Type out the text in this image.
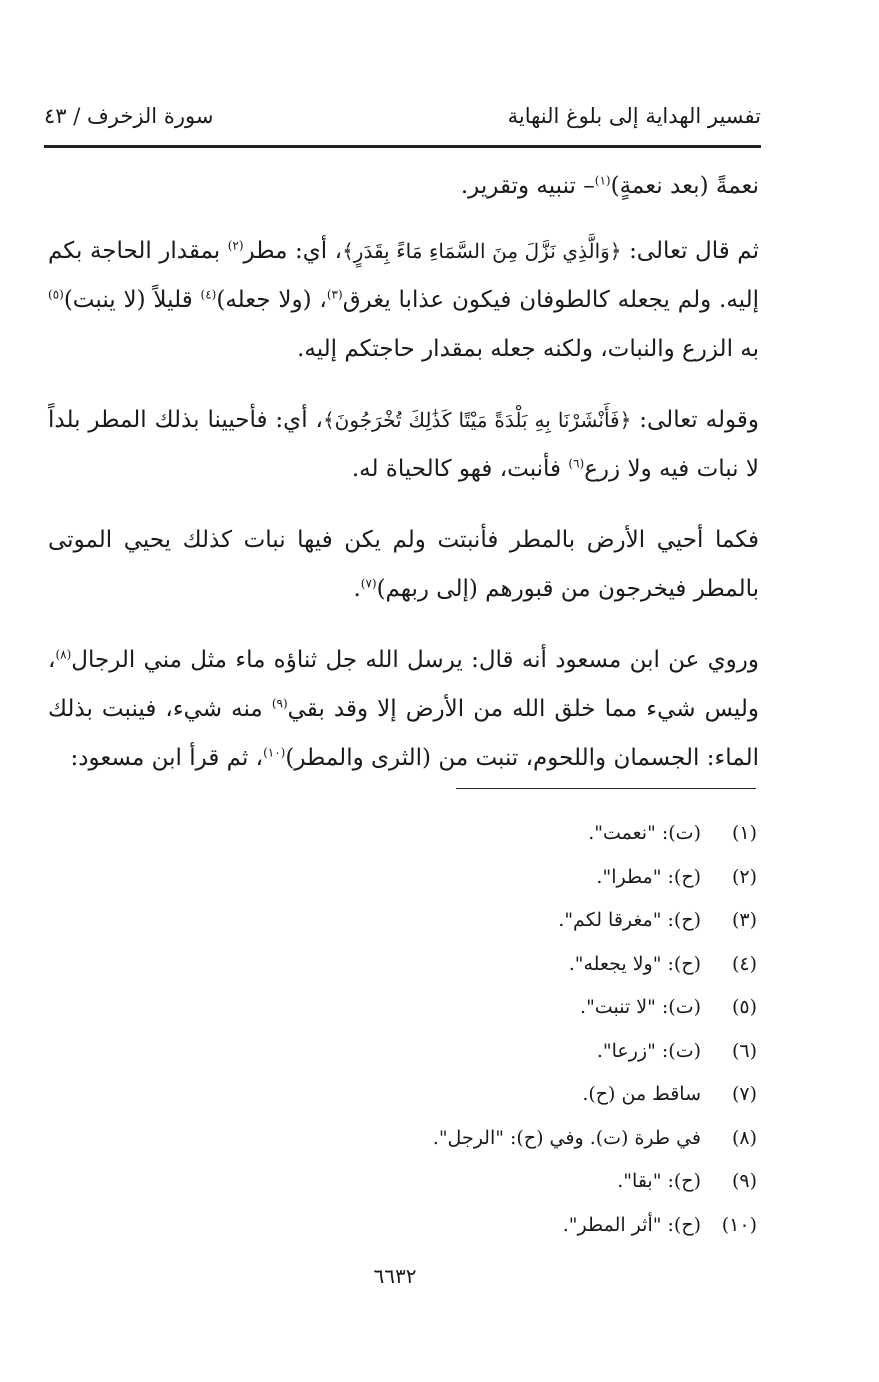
تفسير الهداية إلى بلوغ النهاية
سورة الزخرف / ٤٣

نعمةً (بعد نعمةٍ)$^{(١)}$– تنبيه وتقرير.

ثم قال تعالى: ﴿وَالَّذِي نَزَّلَ مِنَ السَّمَاءِ مَاءً بِقَدَرٍ﴾، أي: مطر$^{(٢)}$ بمقدار الحاجة بكم إليه. ولم يجعله كالطوفان فيكون عذابا يغرق$^{(٣)}$، (ولا جعله)$^{(٤)}$ قليلاً (لا ينبت)$^{(٥)}$ به الزرع والنبات، ولكنه جعله بمقدار حاجتكم إليه.

وقوله تعالى: ﴿فَأَنْشَرْنَا بِهِ بَلْدَةً مَيْتًا كَذَٰلِكَ تُخْرَجُونَ﴾، أي: فأحيينا بذلك المطر بلداً لا نبات فيه ولا زرع$^{(٦)}$ فأنبت، فهو كالحياة له.

فكما أحيي الأرض بالمطر فأنبتت ولم يكن فيها نبات كذلك يحيي الموتى بالمطر فيخرجون من قبورهم (إلى ربهم)$^{(٧)}$.

وروي عن ابن مسعود أنه قال: يرسل الله جل ثناؤه ماء مثل مني الرجال$^{(٨)}$، وليس شيء مما خلق الله من الأرض إلا وقد بقي$^{(٩)}$ منه شيء، فينبت بذلك الماء: الجسمان واللحوم، تنبت من (الثرى والمطر)$^{(١٠)}$، ثم قرأ ابن مسعود:

(١)
(ت): "نعمت".
(٢)
(ح): "مطرا".
(٣)
(ح): "مغرقا لكم".
(٤)
(ح): "ولا يجعله".
(٥)
(ت): "لا تنبت".
(٦)
(ت): "زرعا".
(٧)
ساقط من (ح).
(٨)
في طرة (ت). وفي (ح): "الرجل".
(٩)
(ح): "بقا".
(١٠)
(ح): "أثر المطر".
٦٦٣٢
